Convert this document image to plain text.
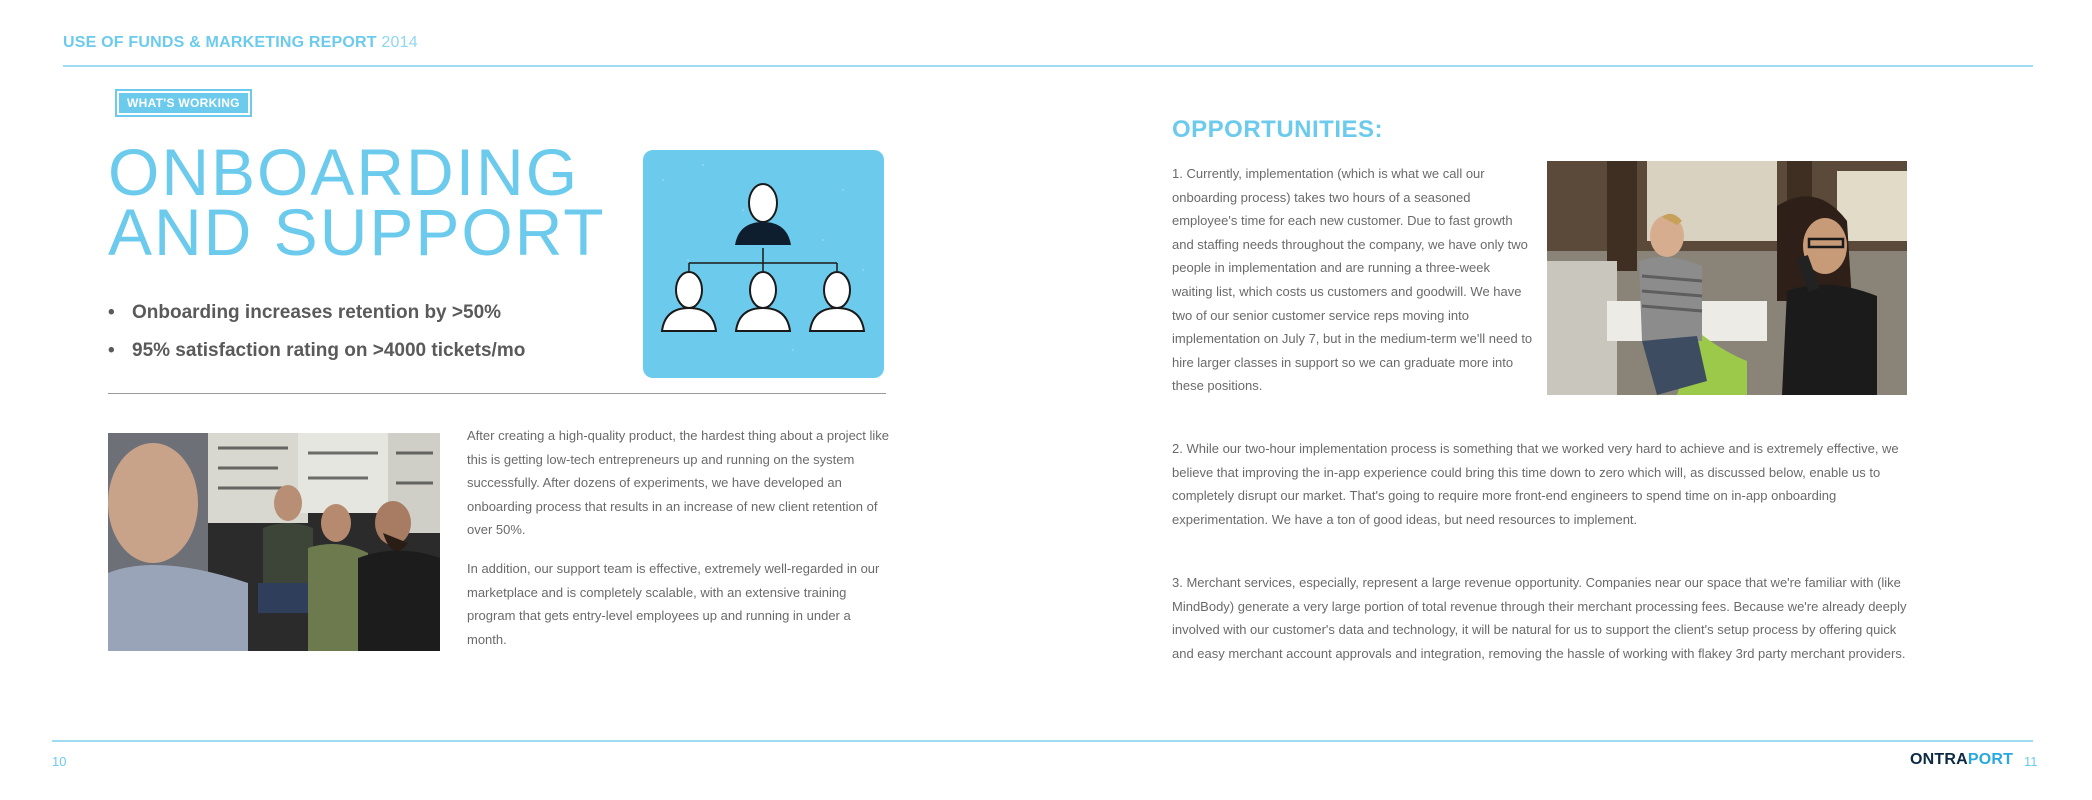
USE OF FUNDS & MARKETING REPORT 2014
WHAT'S WORKING
ONBOARDING
AND SUPPORT
• Onboarding increases retention by >50%
• 95% satisfaction rating on >4000 tickets/mo
After creating a high-quality product, the hardest thing about a project like this is getting low-tech entrepreneurs up and running on the system successfully. After dozens of experiments, we have developed an onboarding process that results in an increase of new client retention of over 50%.
In addition, our support team is effective, extremely well-regarded in our marketplace and is completely scalable, with an extensive training program that gets entry-level employees up and running in under a month.
OPPORTUNITIES:
1. Currently, implementation (which is what we call our onboarding process) takes two hours of a seasoned employee's time for each new customer. Due to fast growth and staffing needs throughout the company, we have only two people in implementation and are running a three-week waiting list, which costs us customers and goodwill. We have two of our senior customer service reps moving into implementation on July 7, but in the medium-term we'll need to hire larger classes in support so we can graduate more into these positions.
2. While our two-hour implementation process is something that we worked very hard to achieve and is extremely effective, we believe that improving the in-app experience could bring this time down to zero which will, as discussed below, enable us to completely disrupt our market. That's going to require more front-end engineers to spend time on in-app onboarding experimentation. We have a ton of good ideas, but need resources to implement.
3. Merchant services, especially, represent a large revenue opportunity. Companies near our space that we're familiar with (like MindBody) generate a very large portion of total revenue through their merchant processing fees. Because we're already deeply involved with our customer's data and technology, it will be natural for us to support the client's setup process by offering quick and easy merchant account approvals and integration, removing the hassle of working with flakey 3rd party merchant providers.
10	ONTRAPORT 11
